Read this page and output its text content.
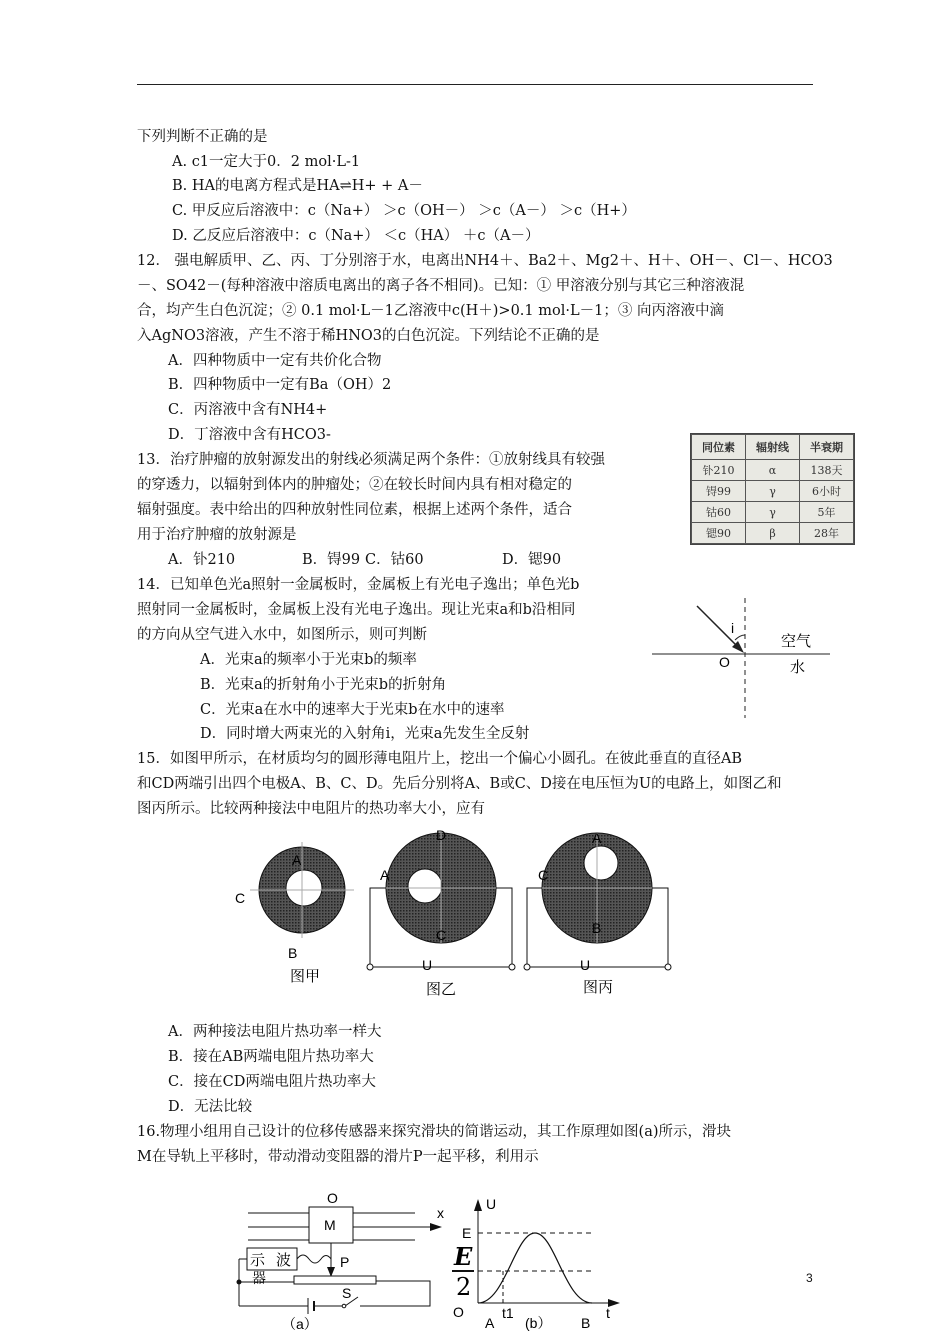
下列判断不正确的是
A. c1一定大于0．2 mol·L-1
B. HA的电离方程式是HA⇌H+ + A－
C. 甲反应后溶液中：c（Na+） ＞c（OH－） ＞c（A－） ＞c（H+）
D. 乙反应后溶液中：c（Na+） ＜c（HA） ＋c（A－）
12． 强电解质甲、乙、丙、丁分别溶于水，电离出NH4＋、Ba2＋、Mg2＋、H＋、OH－、Cl－、HCO3
－、SO42－(每种溶液中溶质电离出的离子各不相同)。已知：① 甲溶液分别与其它三种溶液混
合，均产生白色沉淀；② 0.1 mol·L－1乙溶液中c(H＋)>0.1 mol·L－1；③ 向丙溶液中滴
入AgNO3溶液，产生不溶于稀HNO3的白色沉淀。下列结论不正确的是
A．四种物质中一定有共价化合物
B．四种物质中一定有Ba（OH）2
C．丙溶液中含有NH4+
D．丁溶液中含有HCO3-
13．治疗肿瘤的放射源发出的射线必须满足两个条件：①放射线具有较强
的穿透力，以辐射到体内的肿瘤处；②在较长时间内具有相对稳定的
辐射强度。表中给出的四种放射性同位素，根据上述两个条件，适合
用于治疗肿瘤的放射源是
A．钋210	B．锝99 C．钴60	D．锶90
同位素	辐射线	半衰期
钋210	α	138天
锝99	γ	6小时
钴60	γ	5年
锶90	β	28年
14．已知单色光a照射一金属板时，金属板上有光电子逸出；单色光b
照射同一金属板时，金属板上没有光电子逸出。现让光束a和b沿相同
的方向从空气进入水中，如图所示，则可判断
A．光束a的频率小于光束b的频率
B．光束a的折射角小于光束b的折射角
C．光束a在水中的速率大于光束b在水中的速率
D．同时增大两束光的入射角i，光束a先发生全反射
i
O
空气
水
15．如图甲所示，在材质均匀的圆形薄电阻片上，挖出一个偏心小圆孔。在彼此垂直的直径AB
和CD两端引出四个电极A、B、C、D。先后分别将A、B或C、D接在电压恒为U的电路上，如图乙和
图丙所示。比较两种接法中电阻片的热功率大小，应有
A
C
B
图甲
D
A
C
U
图乙
A
C
B
U
图丙
A．两种接法电阻片热功率一样大
B．接在AB两端电阻片热功率大
C．接在CD两端电阻片热功率大
D．无法比较
16.物理小组用自己设计的位移传感器来探究滑块的简谐运动，其工作原理如图(a)所示，滑块
M在导轨上平移时，带动滑动变阻器的滑片P一起平移，利用示
M
O
x
示 波
器
P
S
（a）
U
E
E
2
O
A
t1
(b） B
t
3
